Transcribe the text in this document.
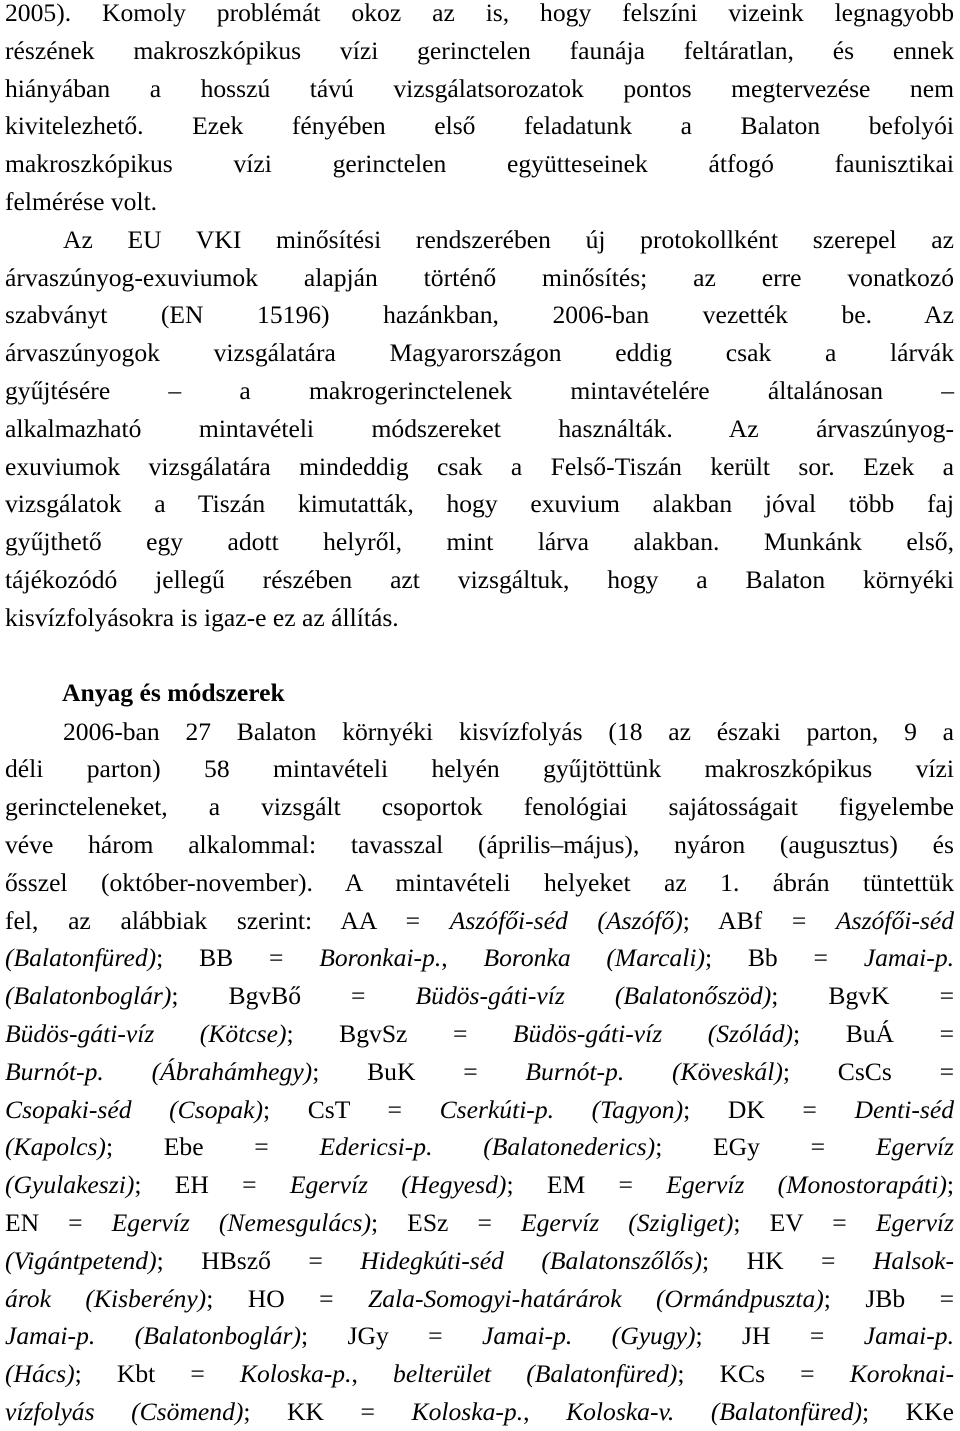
2005). Komoly problémát okoz az is, hogy felszíni vizeink legnagyobb
részének makroszkópikus vízi gerinctelen faunája feltáratlan, és ennek
hiányában a hosszú távú vizsgálatsorozatok pontos megtervezése nem
kivitelezhető. Ezek fényében első feladatunk a Balaton befolyói
makroszkópikus vízi gerinctelen együtteseinek átfogó faunisztikai
felmérése volt.
Az EU VKI minősítési rendszerében új protokollként szerepel az
árvaszúnyog-exuviumok alapján történő minősítés; az erre vonatkozó
szabványt (EN 15196) hazánkban, 2006-ban vezették be. Az
árvaszúnyogok vizsgálatára Magyarországon eddig csak a lárvák
gyűjtésére – a makrogerinctelenek mintavételére általánosan –
alkalmazható mintavételi módszereket használták. Az árvaszúnyog-
exuviumok vizsgálatára mindeddig csak a Felső-Tiszán került sor. Ezek a
vizsgálatok a Tiszán kimutatták, hogy exuvium alakban jóval több faj
gyűjthető egy adott helyről, mint lárva alakban. Munkánk első,
tájékozódó jellegű részében azt vizsgáltuk, hogy a Balaton környéki
kisvízfolyásokra is igaz-e ez az állítás.
Anyag és módszerek
2006-ban 27 Balaton környéki kisvízfolyás (18 az északi parton, 9 a
déli parton) 58 mintavételi helyén gyűjtöttünk makroszkópikus vízi
gerincteleneket, a vizsgált csoportok fenológiai sajátosságait figyelembe
véve három alkalommal: tavasszal (április–május), nyáron (augusztus) és
ősszel (október-november). A mintavételi helyeket az 1. ábrán tüntettük
fel, az alábbiak szerint: AA = Aszófői-séd (Aszófő); ABf = Aszófői-séd
(Balatonfüred); BB = Boronkai-p., Boronka (Marcali); Bb = Jamai-p.
(Balatonboglár); BgvBő = Büdös-gáti-víz (Balatonőszöd); BgvK =
Büdös-gáti-víz (Kötcse); BgvSz = Büdös-gáti-víz (Szólád); BuÁ =
Burnót-p. (Ábrahámhegy); BuK = Burnót-p. (Köveskál); CsCs =
Csopaki-séd (Csopak); CsT = Cserkúti-p. (Tagyon); DK = Denti-séd
(Kapolcs); Ebe = Edericsi-p. (Balatonederics); EGy = Egervíz
(Gyulakeszi); EH = Egervíz (Hegyesd); EM = Egervíz (Monostorapáti);
EN = Egervíz (Nemesgulács); ESz = Egervíz (Szigliget); EV = Egervíz
(Vigántpetend); HBsző = Hidegkúti-séd (Balatonszőlős); HK = Halsok-
árok (Kisberény); HO = Zala-Somogyi-határárok (Ormándpuszta); JBb =
Jamai-p. (Balatonboglár); JGy = Jamai-p. (Gyugy); JH = Jamai-p.
(Hács); Kbt = Koloska-p., belterület (Balatonfüred); KCs = Koroknai-
vízfolyás (Csömend); KK = Koloska-p., Koloska-v. (Balatonfüred); KKe
